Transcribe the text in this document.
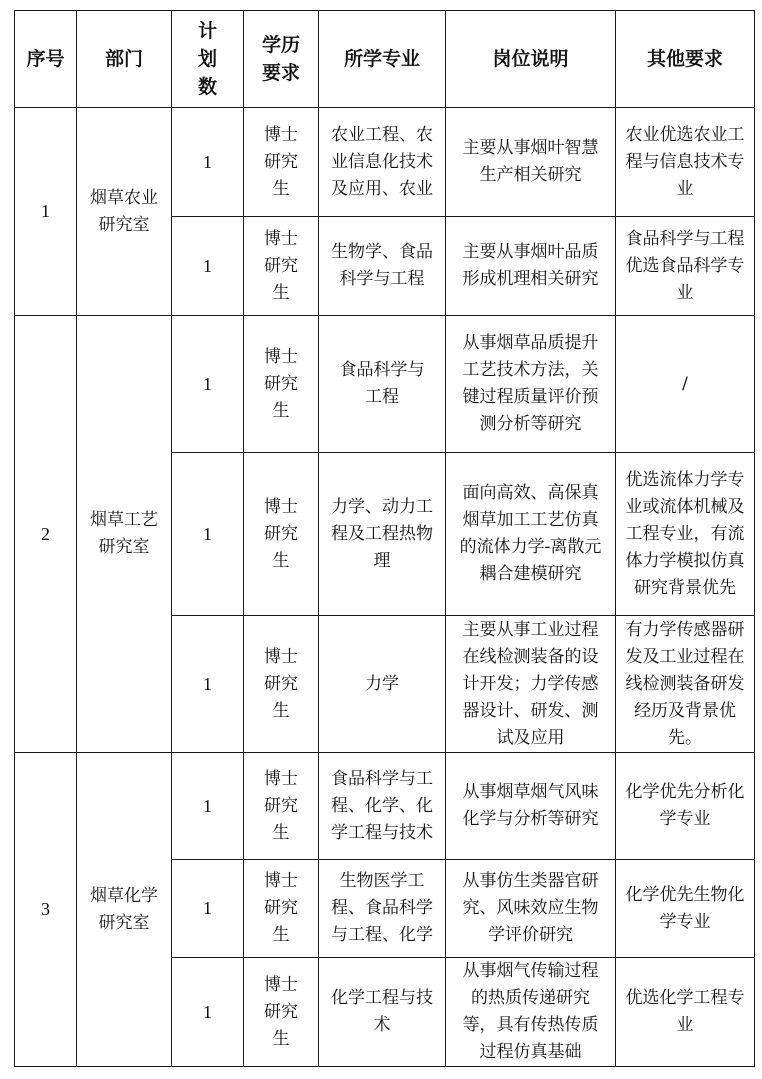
序号	部门	计划数	学历要求	所学专业	岗位说明	其他要求
1	烟草农业研究室	1	博士研究生	农业工程、农业信息化技术及应用、农业	主要从事烟叶智慧生产相关研究	农业优选农业工程与信息技术专业
		1	博士研究生	生物学、食品科学与工程	主要从事烟叶品质形成机理相关研究	食品科学与工程优选食品科学专业
2	烟草工艺研究室	1	博士研究生	食品科学与工程	从事烟草品质提升工艺技术方法，关键过程质量评价预测分析等研究	/
		1	博士研究生	力学、动力工程及工程热物理	面向高效、高保真烟草加工工艺仿真的流体力学-离散元耦合建模研究	优选流体力学专业或流体机械及工程专业，有流体力学模拟仿真研究背景优先
		1	博士研究生	力学	主要从事工业过程在线检测装备的设计开发；力学传感器设计、研发、测试及应用	有力学传感器研发及工业过程在线检测装备研发经历及背景优先。
3	烟草化学研究室	1	博士研究生	食品科学与工程、化学、化学工程与技术	从事烟草烟气风味化学与分析等研究	化学优先分析化学专业
		1	博士研究生	生物医学工程、食品科学与工程、化学	从事仿生类器官研究、风味效应生物学评价研究	化学优先生物化学专业
		1	博士研究生	化学工程与技术	从事烟气传输过程的热质传递研究等，具有传热传质过程仿真基础	优选化学工程专业
